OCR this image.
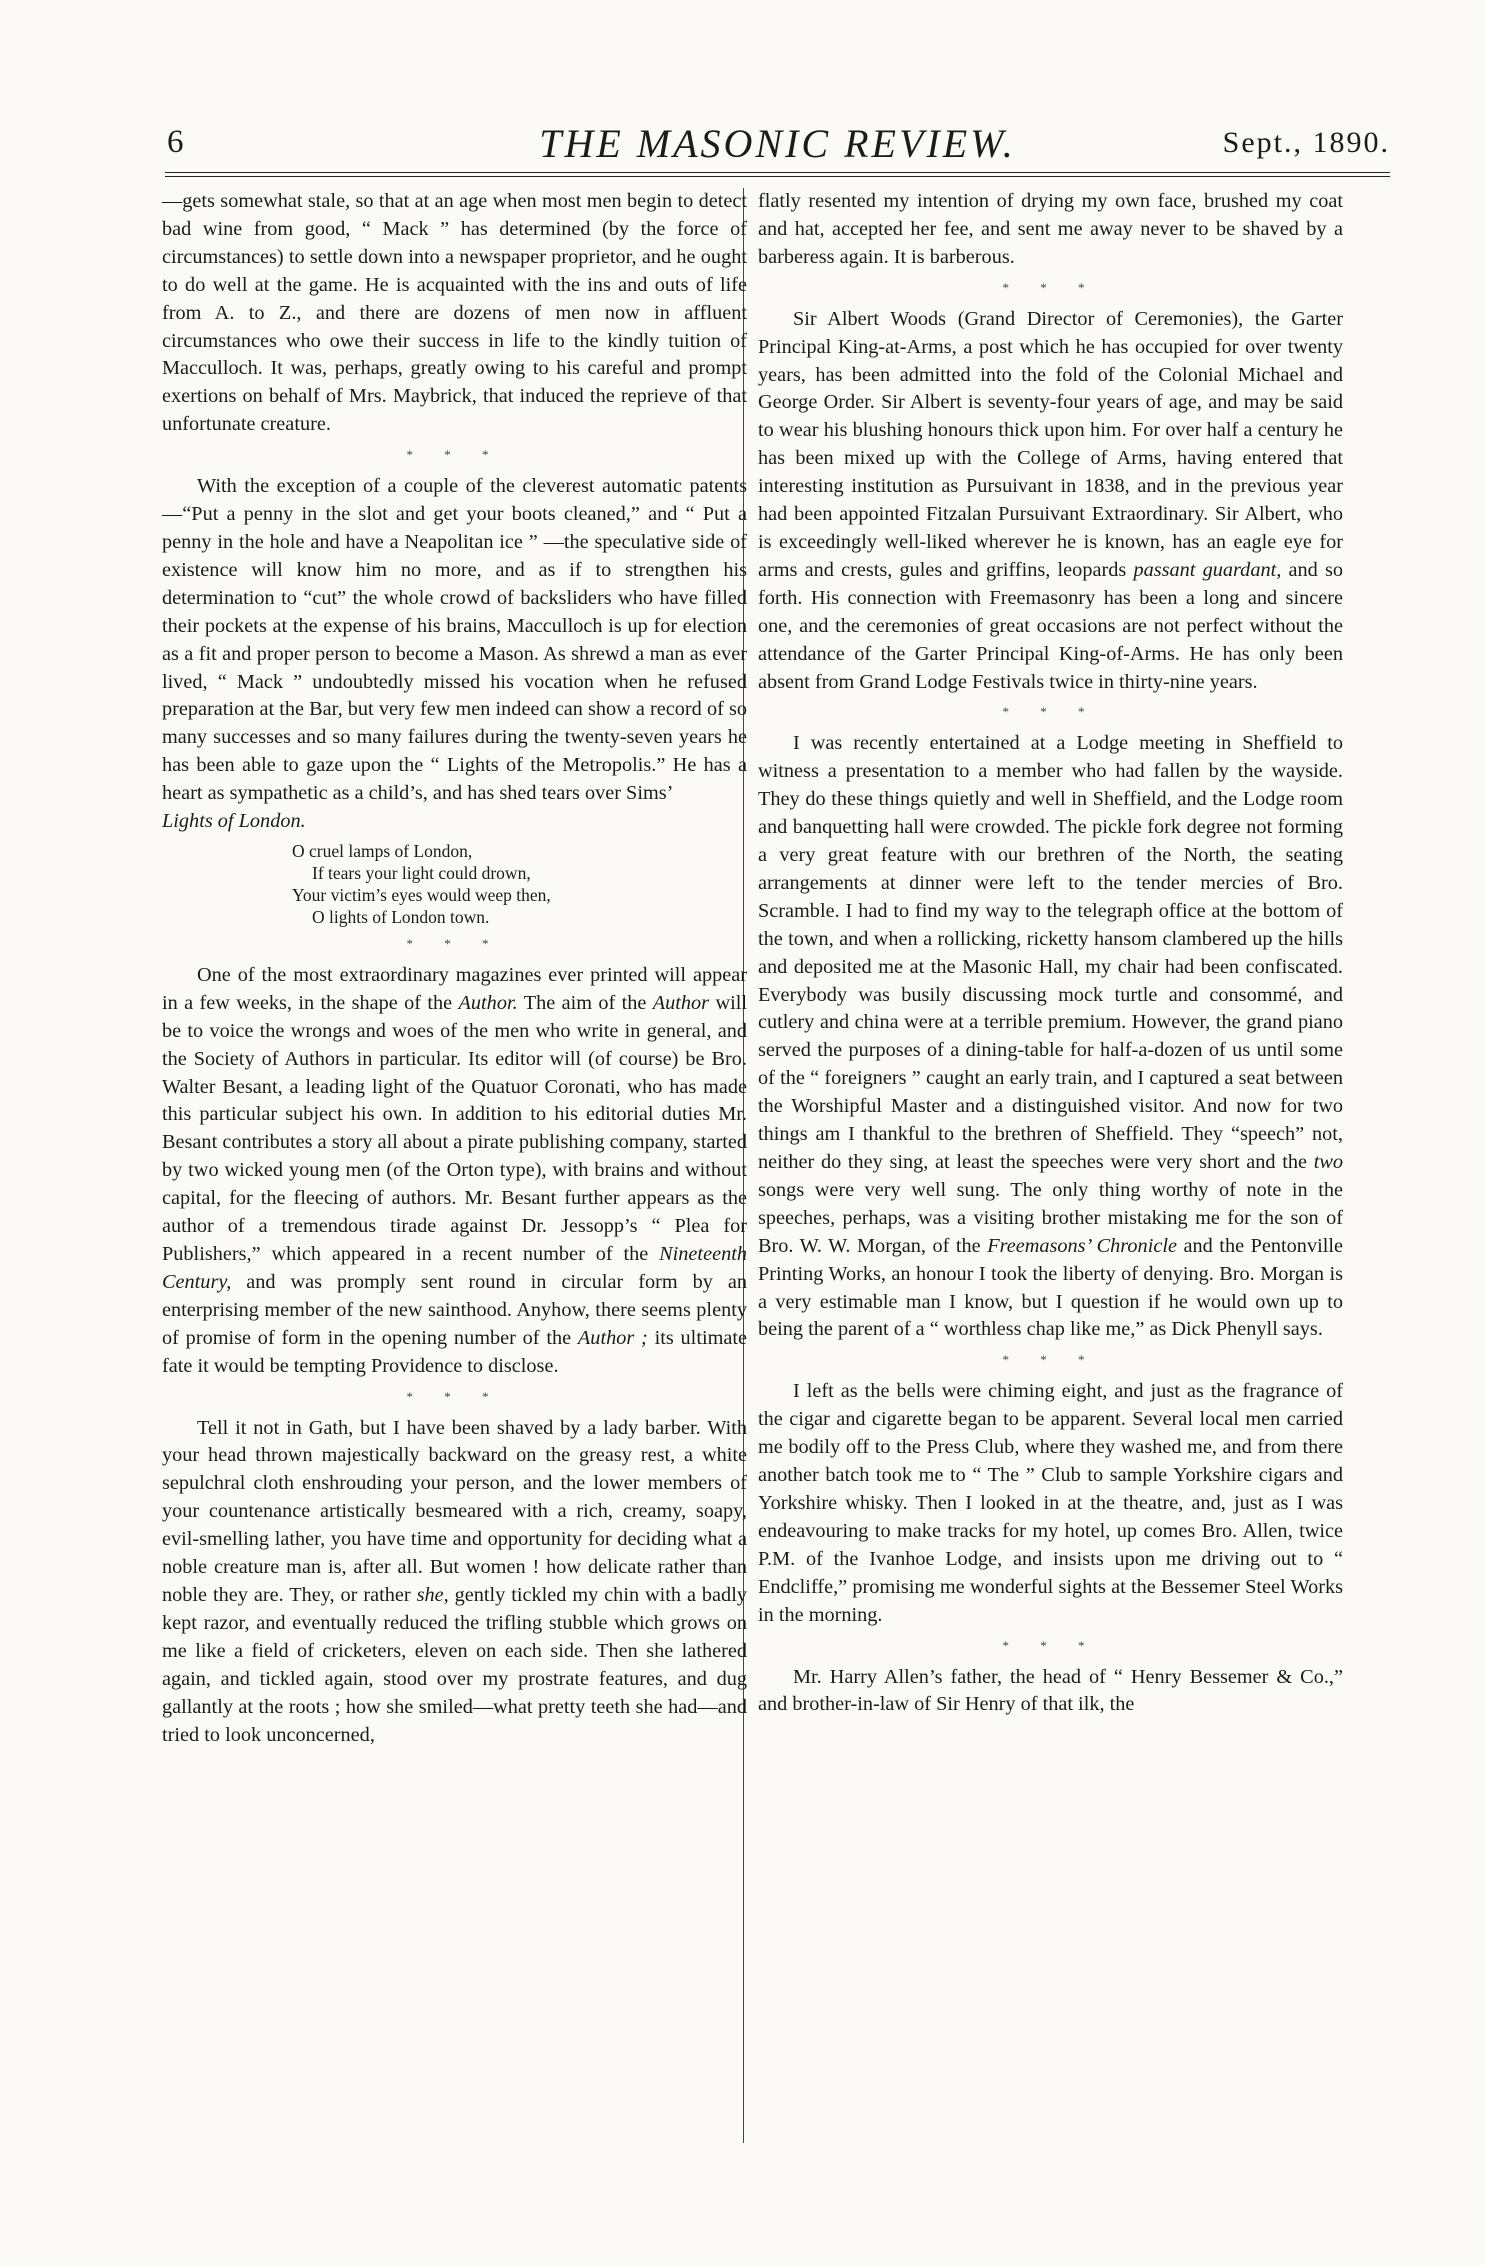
6	THE MASONIC REVIEW.	Sept., 1890.

—gets somewhat stale, so that at an age when most men begin to detect bad wine from good, “ Mack ” has determined (by the force of circumstances) to settle down into a newspaper proprietor, and he ought to do well at the game. He is acquainted with the ins and outs of life from A. to Z., and there are dozens of men now in affluent circumstances who owe their success in life to the kindly tuition of Macculloch. It was, perhaps, greatly owing to his careful and prompt exertions on behalf of Mrs. Maybrick, that induced the reprieve of that unfortunate creature.

* * *

With the exception of a couple of the cleverest automatic patents—“Put a penny in the slot and get your boots cleaned,” and “ Put a penny in the hole and have a Neapolitan ice ” —the speculative side of existence will know him no more, and as if to strengthen his determination to “cut” the whole crowd of backsliders who have filled their pockets at the expense of his brains, Macculloch is up for election as a fit and proper person to become a Mason. As shrewd a man as ever lived, “ Mack ” undoubtedly missed his vocation when he refused preparation at the Bar, but very few men indeed can show a record of so many successes and so many failures during the twenty-seven years he has been able to gaze upon the “ Lights of the Metropolis.” He has a heart as sympathetic as a child’s, and has shed tears over Sims’
Lights of London.

O cruel lamps of London,
If tears your light could drown,
Your victim’s eyes would weep then,
O lights of London town.
* * *

One of the most extraordinary magazines ever printed will appear in a few weeks, in the shape of the Author. The aim of the Author will be to voice the wrongs and woes of the men who write in general, and the Society of Authors in particular. Its editor will (of course) be Bro. Walter Besant, a leading light of the Quatuor Coronati, who has made this particular subject his own. In addition to his editorial duties Mr. Besant contributes a story all about a pirate publishing company, started by two wicked young men (of the Orton type), with brains and without capital, for the fleecing of authors. Mr. Besant further appears as the author of a tremendous tirade against Dr. Jessopp’s “ Plea for Publishers,” which appeared in a recent number of the Nineteenth Century, and was promply sent round in circular form by an enterprising member of the new sainthood. Anyhow, there seems plenty of promise of form in the opening number of the Author ; its ultimate fate it would be tempting Providence to disclose.

* * *

Tell it not in Gath, but I have been shaved by a lady barber. With your head thrown majestically backward on the greasy rest, a white sepulchral cloth enshrouding your person, and the lower members of your countenance artistically besmeared with a rich, creamy, soapy, evil-smelling lather, you have time and opportunity for deciding what a noble creature man is, after all. But women ! how delicate rather than noble they are. They, or rather she, gently tickled my chin with a badly kept razor, and eventually reduced the trifling stubble which grows on me like a field of cricketers, eleven on each side. Then she lathered again, and tickled again, stood over my prostrate features, and dug gallantly at the roots ; how she smiled—what pretty teeth she had—and tried to look unconcerned,

flatly resented my intention of drying my own face, brushed my coat and hat, accepted her fee, and sent me away never to be shaved by a barberess again. It is barberous.

* * *

Sir Albert Woods (Grand Director of Ceremonies), the Garter Principal King-at-Arms, a post which he has occupied for over twenty years, has been admitted into the fold of the Colonial Michael and George Order. Sir Albert is seventy-four years of age, and may be said to wear his blushing honours thick upon him. For over half a century he has been mixed up with the College of Arms, having entered that interesting institution as Pursuivant in 1838, and in the previous year had been appointed Fitzalan Pursuivant Extraordinary. Sir Albert, who is exceedingly well-liked wherever he is known, has an eagle eye for arms and crests, gules and griffins, leopards passant guardant, and so forth. His connection with Freemasonry has been a long and sincere one, and the ceremonies of great occasions are not perfect without the attendance of the Garter Principal King-of-Arms. He has only been absent from Grand Lodge Festivals twice in thirty-nine years.

* * *

I was recently entertained at a Lodge meeting in Sheffield to witness a presentation to a member who had fallen by the wayside. They do these things quietly and well in Sheffield, and the Lodge room and banquetting hall were crowded. The pickle fork degree not forming a very great feature with our brethren of the North, the seating arrangements at dinner were left to the tender mercies of Bro. Scramble. I had to find my way to the telegraph office at the bottom of the town, and when a rollicking, ricketty hansom clambered up the hills and deposited me at the Masonic Hall, my chair had been confiscated. Everybody was busily discussing mock turtle and consommé, and cutlery and china were at a terrible premium. However, the grand piano served the purposes of a dining-table for half-a-dozen of us until some of the “ foreigners ” caught an early train, and I captured a seat between the Worshipful Master and a distinguished visitor. And now for two things am I thankful to the brethren of Sheffield. They “speech” not, neither do they sing, at least the speeches were very short and the two songs were very well sung. The only thing worthy of note in the speeches, perhaps, was a visiting brother mistaking me for the son of Bro. W. W. Morgan, of the Freemasons’ Chronicle and the Pentonville Printing Works, an honour I took the liberty of denying. Bro. Morgan is a very estimable man I know, but I question if he would own up to being the parent of a “ worthless chap like me,” as Dick Phenyll says.

* * *

I left as the bells were chiming eight, and just as the fragrance of the cigar and cigarette began to be apparent. Several local men carried me bodily off to the Press Club, where they washed me, and from there another batch took me to “ The ” Club to sample Yorkshire cigars and Yorkshire whisky. Then I looked in at the theatre, and, just as I was endeavouring to make tracks for my hotel, up comes Bro. Allen, twice P.M. of the Ivanhoe Lodge, and insists upon me driving out to “ Endcliffe,” promising me wonderful sights at the Bessemer Steel Works in the morning.

* * *

Mr. Harry Allen’s father, the head of “ Henry Bessemer & Co.,” and brother-in-law of Sir Henry of that ilk, the
